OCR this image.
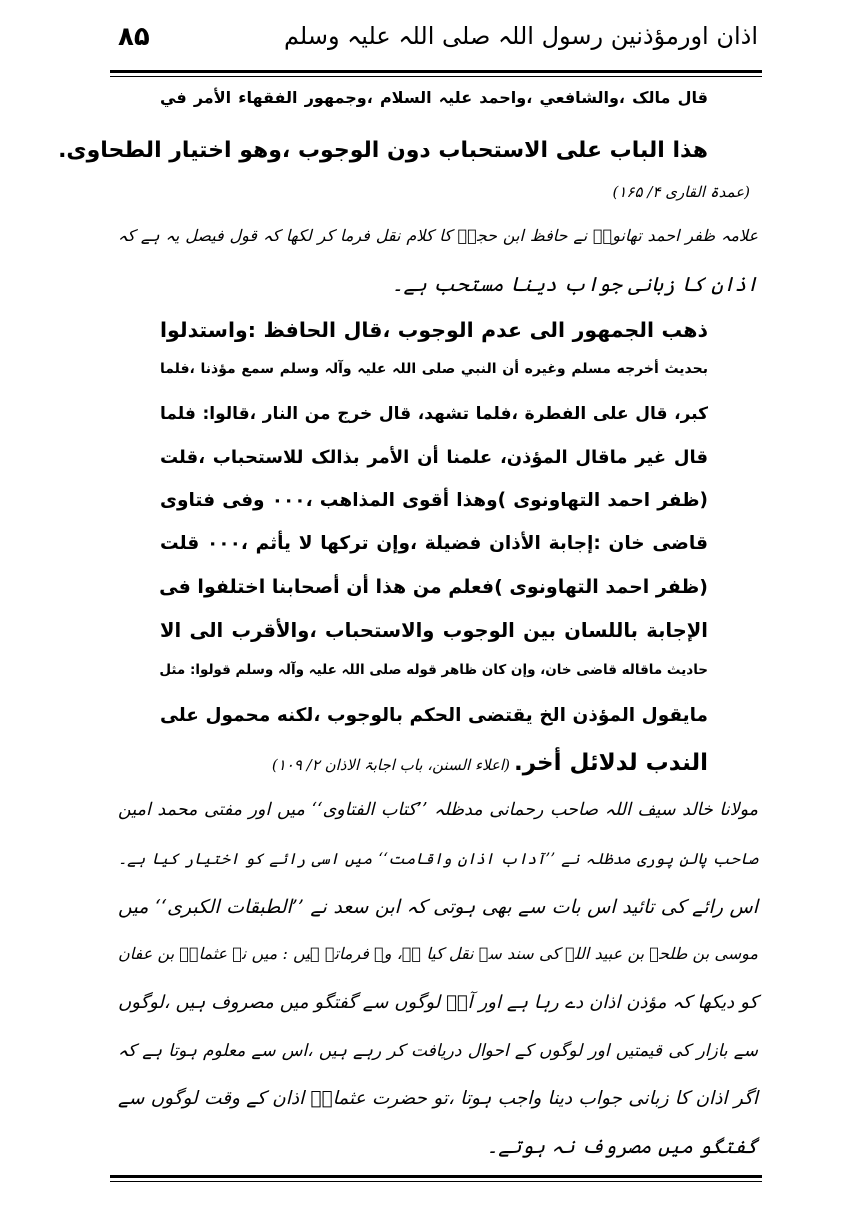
اذان اورمؤذنین رسول اللہ صلی اللہ علیہ وسلم
٨۵
قال مالک ،والشافعي ،واحمد علیہ السلام ،وجمهور الفقهاء الأمر في
هذا الباب على الاستحباب دون الوجوب ،وهو اختيار الطحاوی.
(عمدۃ القاری ۴/ ۱۶۵)
علامہ ظفر احمد تھانویؒ نے حافظ ابن حجرؒ کا کلام نقل فرما کر لکھا کہ قول فیصل یہ ہے کہ
اذان کا زبانی جواب دینا مستحب ہے۔
ذهب الجمهور الى عدم الوجوب ،قال الحافظ :واستدلوا
بحديث أخرجه مسلم وغيره أن النبي صلی اللہ علیہ وآلہ وسلم سمع مؤذنا ،فلما
كبر، قال على الفطرة ،فلما تشهد، قال خرج من النار ،قالوا: فلما
قال غير ماقال المؤذن، علمنا أن الأمر بذالک للاستحباب ،قلت
(ظفر احمد التهاونوی )وهذا أقوى المذاهب ،٠٠٠ وفى فتاوى
قاضى خان :إجابة الأذان فضيلة ،وإن تركها لا يأثم ،٠٠٠ قلت
(ظفر احمد التهاونوی )فعلم من هذا أن أصحابنا اختلفوا فى
الإجابة باللسان بين الوجوب والاستحباب ،والأقرب الى الا
حاديث ماقاله قاضی خان، وإن كان ظاهر قوله صلی اللہ علیہ وآلہ وسلم قولوا: مثل
مايقول المؤذن الخ يقتضى الحكم بالوجوب ،لكنه محمول على
الندب لدلائل أخر. (اعلاء السنن، باب اجابۃ الاذان ۲/ ۱۰۹)
مولانا خالد سیف اللہ صاحب رحمانی مدظلہ ’’کتاب الفتاوی‘‘ میں اور مفتی محمد امین
صاحب پالن پوری مدظلہ نے ’’آداب اذان واقامت‘‘ میں اسی رائے کو اختیار کیا ہے۔
اس رائے کی تائید اس بات سے بھی ہوتی کہ ابن سعد نے ’’الطبقات الکبری‘‘ میں
موسی بن طلحہ بن عبید اللہ کی سند سے نقل کیا ہے، وہ فرماتے ہیں : میں نے عثمانؓ بن عفان
کو دیکھا کہ مؤذن اذان دے رہا ہے اور آپؓ لوگوں سے گفتگو میں مصروف ہیں ،لوگوں
سے بازار کی قیمتیں اور لوگوں کے احوال دریافت کر رہے ہیں ،اس سے معلوم ہوتا ہے کہ
اگر اذان کا زبانی جواب دینا واجب ہوتا ،تو حضرت عثمانؓ اذان کے وقت لوگوں سے
گفتگو میں مصروف نہ ہوتے۔
